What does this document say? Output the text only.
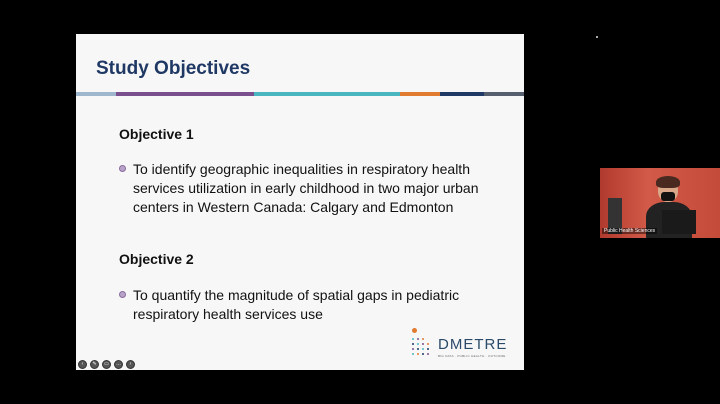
Study Objectives
Objective 1
To identify geographic inequalities in respiratory health services utilization in early childhood in two major urban centers in Western Canada: Calgary and Edmonton
Objective 2
To quantify the magnitude of spatial gaps in pediatric respiratory health services use
DMETRE
BIG DATA · PUBLIC HEALTH · OUTCOME
‹	✎	▭	…	›
Public Health Sciences
